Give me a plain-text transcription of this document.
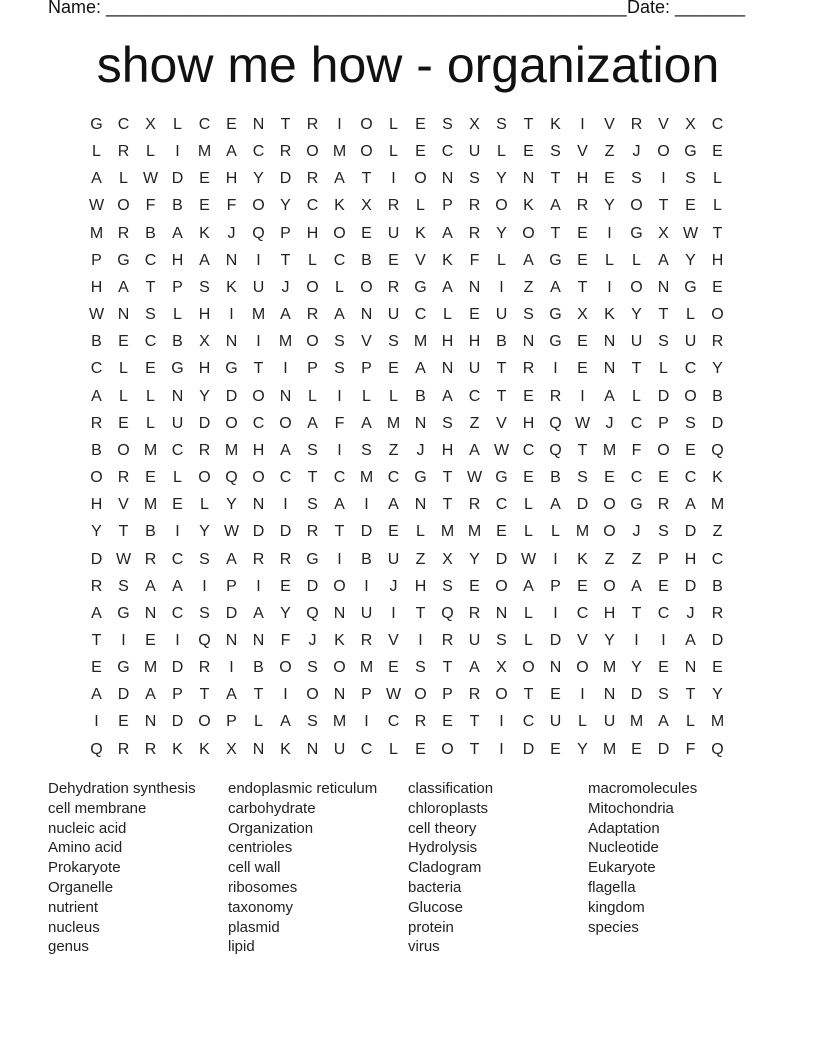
Name: ____________________________________________________ Date: _______
show me how - organization
G C X	L	C E N	T	R	I	O	L	E	S	X	S	T	K	I	V R V	X C
L	R	L	I	M A C R O M O	L	E C U	L	E	S	V	Z	J	O G E
A	L W D E H Y D R A	T	I	O N S	Y N	T	H E	S	I	S	L
W O F	B	E	F O Y C K	X R	L	P R O K	A R Y O T	E	L
M R B	A	K	J	Q P H O E U K	A R Y O T	E	I	G X W T
P G C H A N	I	T	L	C B	E	V	K	F	L	A G E	L	L	A	Y H
H A	T	P	S	K U	J	O	L	O R G A N	I	Z	A	T	I	O N G E
W N S	L	H	I	M A R A N U C	L	E U S G X	K	Y	T	L	O
B	E C B	X N	I	M O S	V	S M H H B N G E N U S U R
C	L	E G H G T	I	P	S	P	E	A N U	T	R	I	E N	T	L	C Y
A	L	L	N Y D O N	L	I	L	L	B	A C	T	E R	I	A	L	D O B
R E	L	U D O C O A	F	A M N S	Z	V H Q W J	C P	S D
B O M C R M H A	S	I	S	Z	J	H A W C Q T M F O E Q
O R E	L	O Q O C	T	C M C G T W G E	B	S	E C E C K
H V M E	L	Y N	I	S	A	I	A N	T	R C	L	A D O G R A M
Y	T	B	I	Y W D D R	T	D E	L M M E	L	L M O	J	S D	Z
D W R C S	A R R G	I	B U	Z	X	Y D W	I	K	Z	Z	P H C
R S	A	A	I	P	I	E D O	I	J	H S	E O A	P	E O A	E D B
A G N C S D A	Y Q N U	I	T Q R N	L	I	C H	T	C	J	R
T	I	E	I	Q N N	F	J	K R V	I	R U S	L	D V	Y	I	I	A D
E G M D R	I	B O S O M E	S	T	A	X O N O M Y	E N E
A D A	P	T	A	T	I	O N P W O P R O T	E	I	N D S	T	Y
I	E N D O P	L	A	S M	I	C R E	T	I	C U	L	U M A	L M
Q R R K	K	X N K N U C	L	E O T	I	D E	Y M E D	F Q
Dehydration synthesis
cell membrane
nucleic acid
Amino acid
Prokaryote
Organelle
nutrient
nucleus
genus
endoplasmic reticulum
carbohydrate
Organization
centrioles
cell wall
ribosomes
taxonomy
plasmid
lipid
classification
chloroplasts
cell theory
Hydrolysis
Cladogram
bacteria
Glucose
protein
virus
macromolecules
Mitochondria
Adaptation
Nucleotide
Eukaryote
flagella
kingdom
species
